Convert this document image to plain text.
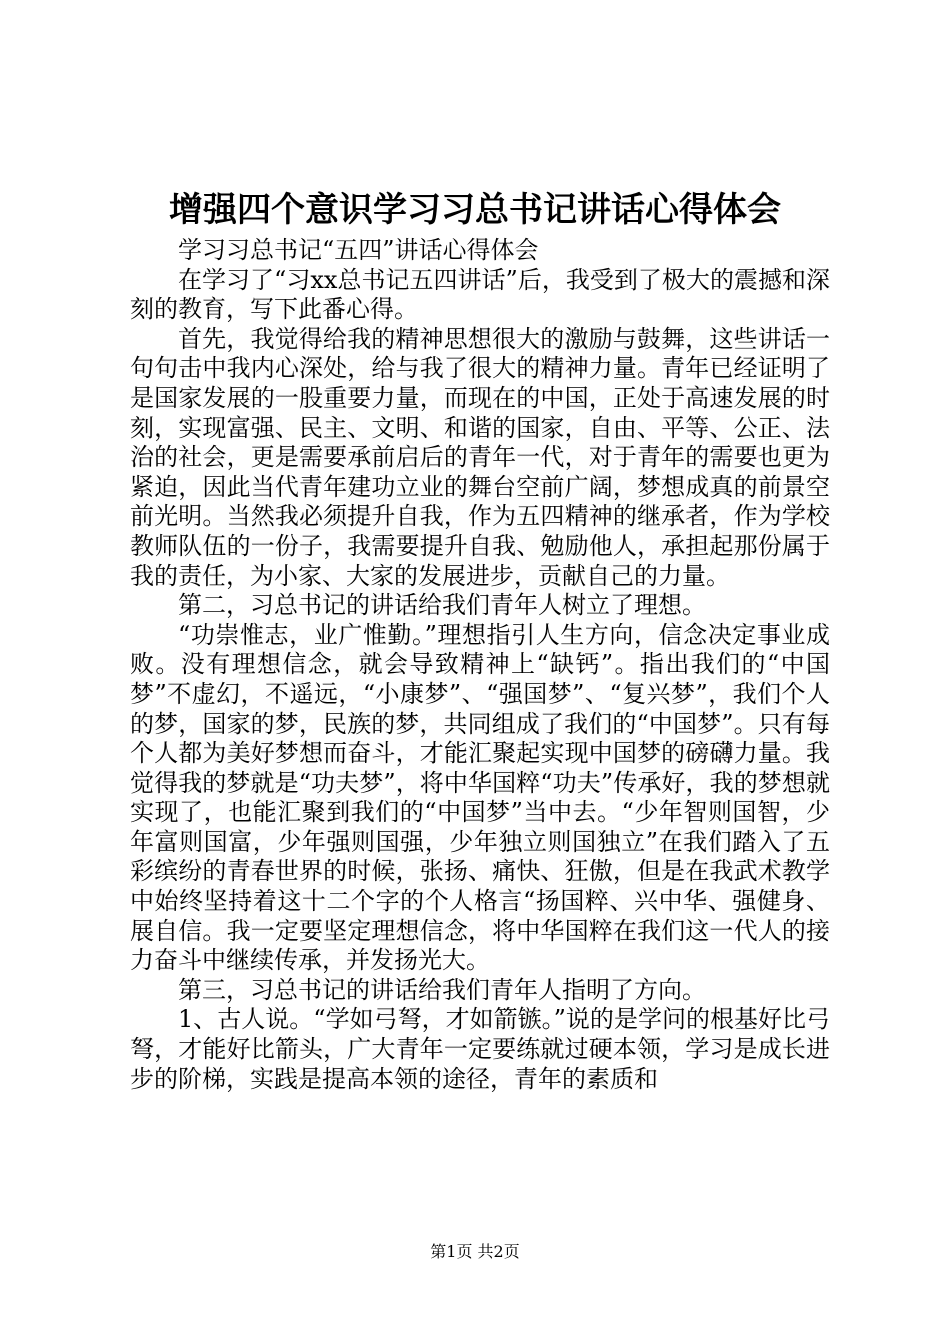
增强四个意识学习习总书记讲话心得体会

学习习总书记“五四”讲话心得体会

在学习了“习xx总书记五四讲话”后，我受到了极大的震撼和深刻的教育，写下此番心得。

首先，我觉得给我的精神思想很大的激励与鼓舞，这些讲话一句句击中我内心深处，给与我了很大的精神力量。青年已经证明了是国家发展的一股重要力量，而现在的中国，正处于高速发展的时刻，实现富强、民主、文明、和谐的国家，自由、平等、公正、法治的社会，更是需要承前启后的青年一代，对于青年的需要也更为紧迫，因此当代青年建功立业的舞台空前广阔，梦想成真的前景空前光明。当然我必须提升自我，作为五四精神的继承者，作为学校教师队伍的一份子，我需要提升自我、勉励他人，承担起那份属于我的责任，为小家、大家的发展进步，贡献自己的力量。

第二，习总书记的讲话给我们青年人树立了理想。

“功崇惟志，业广惟勤。”理想指引人生方向，信念决定事业成败。没有理想信念，就会导致精神上“缺钙”。指出我们的“中国梦”不虚幻，不遥远，“小康梦”、“强国梦”、“复兴梦”，我们个人的梦，国家的梦，民族的梦，共同组成了我们的“中国梦”。只有每个人都为美好梦想而奋斗，才能汇聚起实现中国梦的磅礴力量。我觉得我的梦就是“功夫梦”，将中华国粹“功夫”传承好，我的梦想就实现了，也能汇聚到我们的“中国梦”当中去。“少年智则国智，少年富则国富，少年强则国强，少年独立则国独立”在我们踏入了五彩缤纷的青春世界的时候，张扬、痛快、狂傲，但是在我武术教学中始终坚持着这十二个字的个人格言“扬国粹、兴中华、强健身、展自信。我一定要坚定理想信念，将中华国粹在我们这一代人的接力奋斗中继续传承，并发扬光大。

第三，习总书记的讲话给我们青年人指明了方向。

1、古人说。“学如弓弩，才如箭镞。”说的是学问的根基好比弓弩，才能好比箭头，广大青年一定要练就过硬本领，学习是成长进步的阶梯，实践是提高本领的途径，青年的素质和

第1页 共2页
